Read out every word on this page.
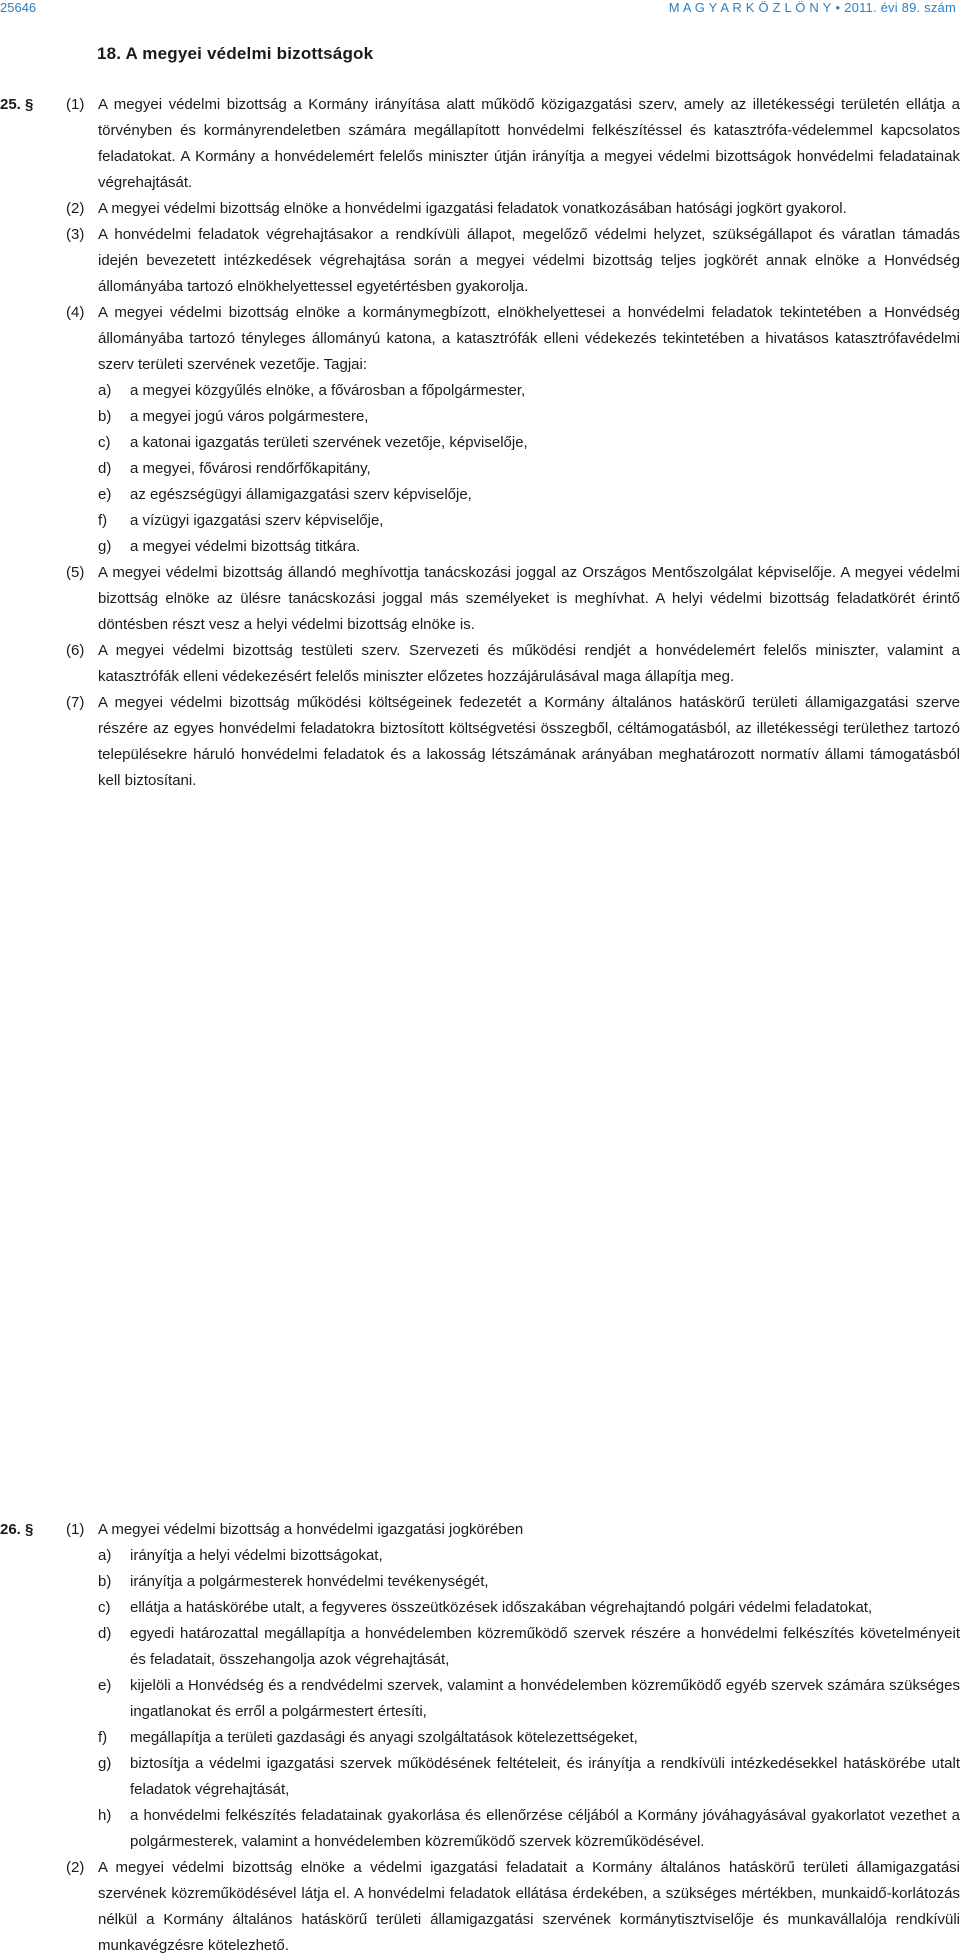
25646	M A G Y A R K Ö Z L Ö N Y • 2011. évi 89. szám
18. A megyei védelmi bizottságok
25. § (1) A megyei védelmi bizottság a Kormány irányítása alatt működő közigazgatási szerv, amely az illetékességi területén ellátja a törvényben és kormányrendeletben számára megállapított honvédelmi felkészítéssel és katasztrófa-védelemmel kapcsolatos feladatokat. A Kormány a honvédelemért felelős miniszter útján irányítja a megyei védelmi bizottságok honvédelmi feladatainak végrehajtását.
(2) A megyei védelmi bizottság elnöke a honvédelmi igazgatási feladatok vonatkozásában hatósági jogkört gyakorol.
(3) A honvédelmi feladatok végrehajtásakor a rendkívüli állapot, megelőző védelmi helyzet, szükségállapot és váratlan támadás idején bevezetett intézkedések végrehajtása során a megyei védelmi bizottság teljes jogkörét annak elnöke a Honvédség állományába tartozó elnökhelyettessel egyetértésben gyakorolja.
(4) A megyei védelmi bizottság elnöke a kormánymegbízott, elnökhelyettesei a honvédelmi feladatok tekintetében a Honvédség állományába tartozó tényleges állományú katona, a katasztrófák elleni védekezés tekintetében a hivatásos katasztrófavédelmi szerv területi szervének vezetője. Tagjai:
a) a megyei közgyűlés elnöke, a fővárosban a főpolgármester,
b) a megyei jogú város polgármestere,
c) a katonai igazgatás területi szervének vezetője, képviselője,
d) a megyei, fővárosi rendőrfőkapitány,
e) az egészségügyi államigazgatási szerv képviselője,
f) a vízügyi igazgatási szerv képviselője,
g) a megyei védelmi bizottság titkára.
(5) A megyei védelmi bizottság állandó meghívottja tanácskozási joggal az Országos Mentőszolgálat képviselője. A megyei védelmi bizottság elnöke az ülésre tanácskozási joggal más személyeket is meghívhat. A helyi védelmi bizottság feladatkörét érintő döntésben részt vesz a helyi védelmi bizottság elnöke is.
(6) A megyei védelmi bizottság testületi szerv. Szervezeti és működési rendjét a honvédelemért felelős miniszter, valamint a katasztrófák elleni védekezésért felelős miniszter előzetes hozzájárulásával maga állapítja meg.
(7) A megyei védelmi bizottság működési költségeinek fedezetét a Kormány általános hatáskörű területi államigazgatási szerve részére az egyes honvédelmi feladatokra biztosított költségvetési összegből, céltámogatásból, az illetékességi területhez tartozó településekre háruló honvédelmi feladatok és a lakosság létszámának arányában meghatározott normatív állami támogatásból kell biztosítani.
26. § (1) A megyei védelmi bizottság a honvédelmi igazgatási jogkörében
a) irányítja a helyi védelmi bizottságokat,
b) irányítja a polgármesterek honvédelmi tevékenységét,
c) ellátja a hatáskörébe utalt, a fegyveres összeütközések időszakában végrehajtandó polgári védelmi feladatokat,
d) egyedi határozattal megállapítja a honvédelemben közreműködő szervek részére a honvédelmi felkészítés követelményeit és feladatait, összehangolja azok végrehajtását,
e) kijelöli a Honvédség és a rendvédelmi szervek, valamint a honvédelemben közreműködő egyéb szervek számára szükséges ingatlanokat és erről a polgármestert értesíti,
f) megállapítja a területi gazdasági és anyagi szolgáltatások kötelezettségeket,
g) biztosítja a védelmi igazgatási szervek működésének feltételeit, és irányítja a rendkívüli intézkedésekkel hatáskörébe utalt feladatok végrehajtását,
h) a honvédelmi felkészítés feladatainak gyakorlása és ellenőrzése céljából a Kormány jóváhagyásával gyakorlatot vezethet a polgármesterek, valamint a honvédelemben közreműködő szervek közreműködésével.
(2) A megyei védelmi bizottság elnöke a védelmi igazgatási feladatait a Kormány általános hatáskörű területi államigazgatási szervének közreműködésével látja el. A honvédelmi feladatok ellátása érdekében, a szükséges mértékben, munkaidő-korlátozás nélkül a Kormány általános hatáskörű területi államigazgatási szervének kormánytisztviselője és munkavállalója rendkívüli munkavégzésre kötelezhető.
